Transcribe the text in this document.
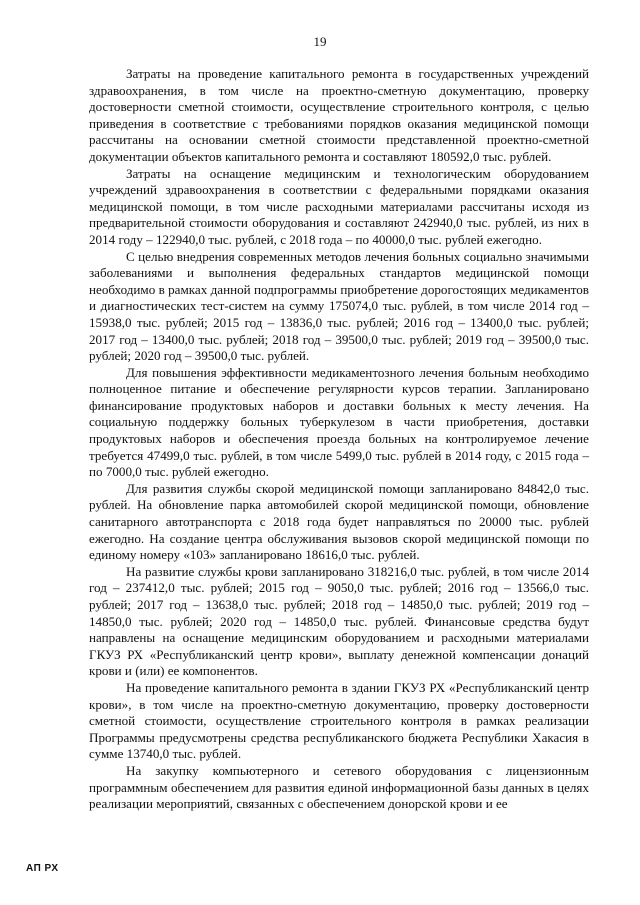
19

Затраты на проведение капитального ремонта в государственных учреждений здравоохранения, в том числе на проектно-сметную документацию, проверку достоверности сметной стоимости, осуществление строительного контроля, с целью приведения в соответствие с требованиями порядков оказания медицинской помощи рассчитаны на основании сметной стоимости представленной проектно-сметной документации объектов капитального ремонта и составляют 180592,0 тыс. рублей.

Затраты на оснащение медицинским и технологическим оборудованием учреждений здравоохранения в соответствии с федеральными порядками оказания медицинской помощи, в том числе расходными материалами рассчитаны исходя из предварительной стоимости оборудования и составляют 242940,0 тыс. рублей, из них в 2014 году – 122940,0 тыс. рублей, с 2018 года – по 40000,0 тыс. рублей ежегодно.

С целью внедрения современных методов лечения больных социально значимыми заболеваниями и выполнения федеральных стандартов медицинской помощи необходимо в рамках данной подпрограммы приобретение дорогостоящих медикаментов и диагностических тест-систем на сумму 175074,0 тыс. рублей, в том числе 2014 год – 15938,0 тыс. рублей; 2015 год – 13836,0 тыс. рублей; 2016 год – 13400,0 тыс. рублей; 2017 год – 13400,0 тыс. рублей; 2018 год – 39500,0 тыс. рублей; 2019 год – 39500,0 тыс. рублей; 2020 год – 39500,0 тыс. рублей.

Для повышения эффективности медикаментозного лечения больным необходимо полноценное питание и обеспечение регулярности курсов терапии. Запланировано финансирование продуктовых наборов и доставки больных к месту лечения. На социальную поддержку больных туберкулезом в части приобретения, доставки продуктовых наборов и обеспечения проезда больных на контролируемое лечение требуется 47499,0 тыс. рублей, в том числе 5499,0 тыс. рублей в 2014 году, с 2015 года – по 7000,0 тыс. рублей ежегодно.

Для развития службы скорой медицинской помощи запланировано 84842,0 тыс. рублей. На обновление парка автомобилей скорой медицинской помощи, обновление санитарного автотранспорта с 2018 года будет направляться по 20000 тыс. рублей ежегодно. На создание центра обслуживания вызовов скорой медицинской помощи по единому номеру «103» запланировано 18616,0 тыс. рублей.

На развитие службы крови запланировано 318216,0 тыс. рублей, в том числе 2014 год – 237412,0 тыс. рублей; 2015 год – 9050,0 тыс. рублей; 2016 год – 13566,0 тыс. рублей; 2017 год – 13638,0 тыс. рублей; 2018 год – 14850,0 тыс. рублей; 2019 год – 14850,0 тыс. рублей; 2020 год – 14850,0 тыс. рублей. Финансовые средства будут направлены на оснащение медицинским оборудованием и расходными материалами ГКУЗ РХ «Республиканский центр крови», выплату денежной компенсации донаций крови и (или) ее компонентов.

На проведение капитального ремонта в здании ГКУЗ РХ «Республиканский центр крови», в том числе на проектно-сметную документацию, проверку достоверности сметной стоимости, осуществление строительного контроля в рамках реализации Программы предусмотрены средства республиканского бюджета Республики Хакасия в сумме 13740,0 тыс. рублей.

На закупку компьютерного и сетевого оборудования с лицензионным программным обеспечением для развития единой информационной базы данных в целях реализации мероприятий, связанных с обеспечением донорской крови и ее

АП РХ
